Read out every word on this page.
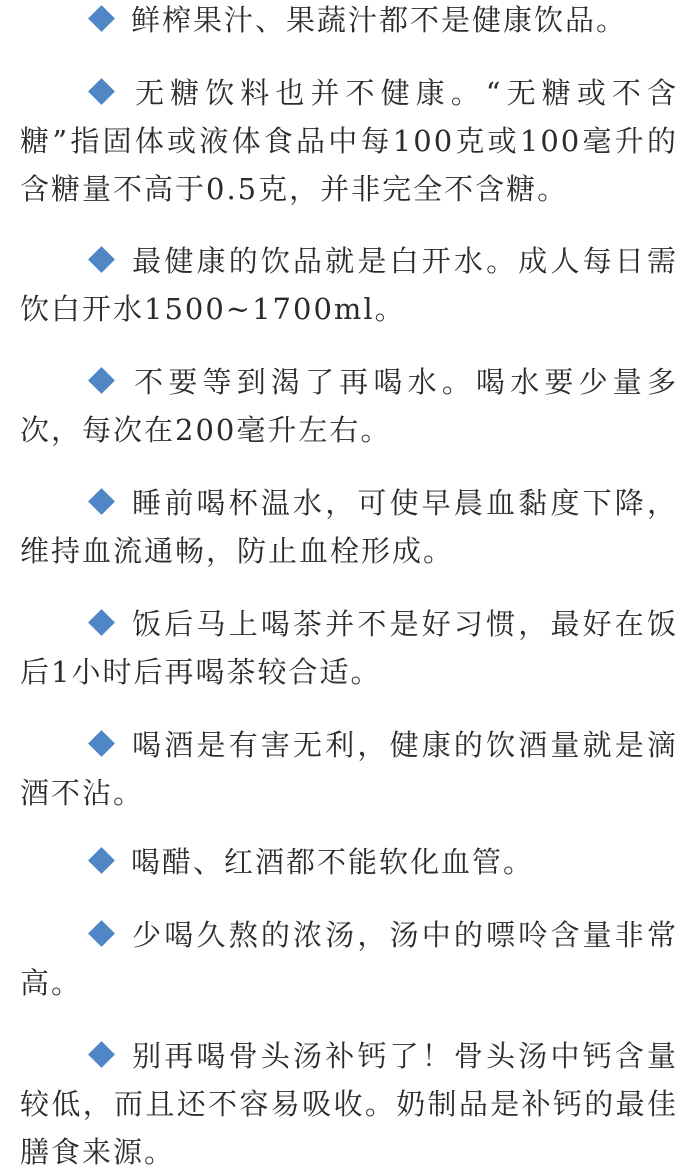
鲜榨果汁、果蔬汁都不是健康饮品。

无糖饮料也并不健康。“无糖或不含糖”指固体或液体食品中每100克或100毫升的含糖量不高于0.5克，并非完全不含糖。

最健康的饮品就是白开水。成人每日需饮白开水1500~1700ml。

不要等到渴了再喝水。喝水要少量多次，每次在200毫升左右。

睡前喝杯温水，可使早晨血黏度下降，维持血流通畅，防止血栓形成。

饭后马上喝茶并不是好习惯，最好在饭后1小时后再喝茶较合适。

喝酒是有害无利，健康的饮酒量就是滴酒不沾。

喝醋、红酒都不能软化血管。

少喝久熬的浓汤，汤中的嘌呤含量非常高。

别再喝骨头汤补钙了！骨头汤中钙含量较低，而且还不容易吸收。奶制品是补钙的最佳膳食来源。
